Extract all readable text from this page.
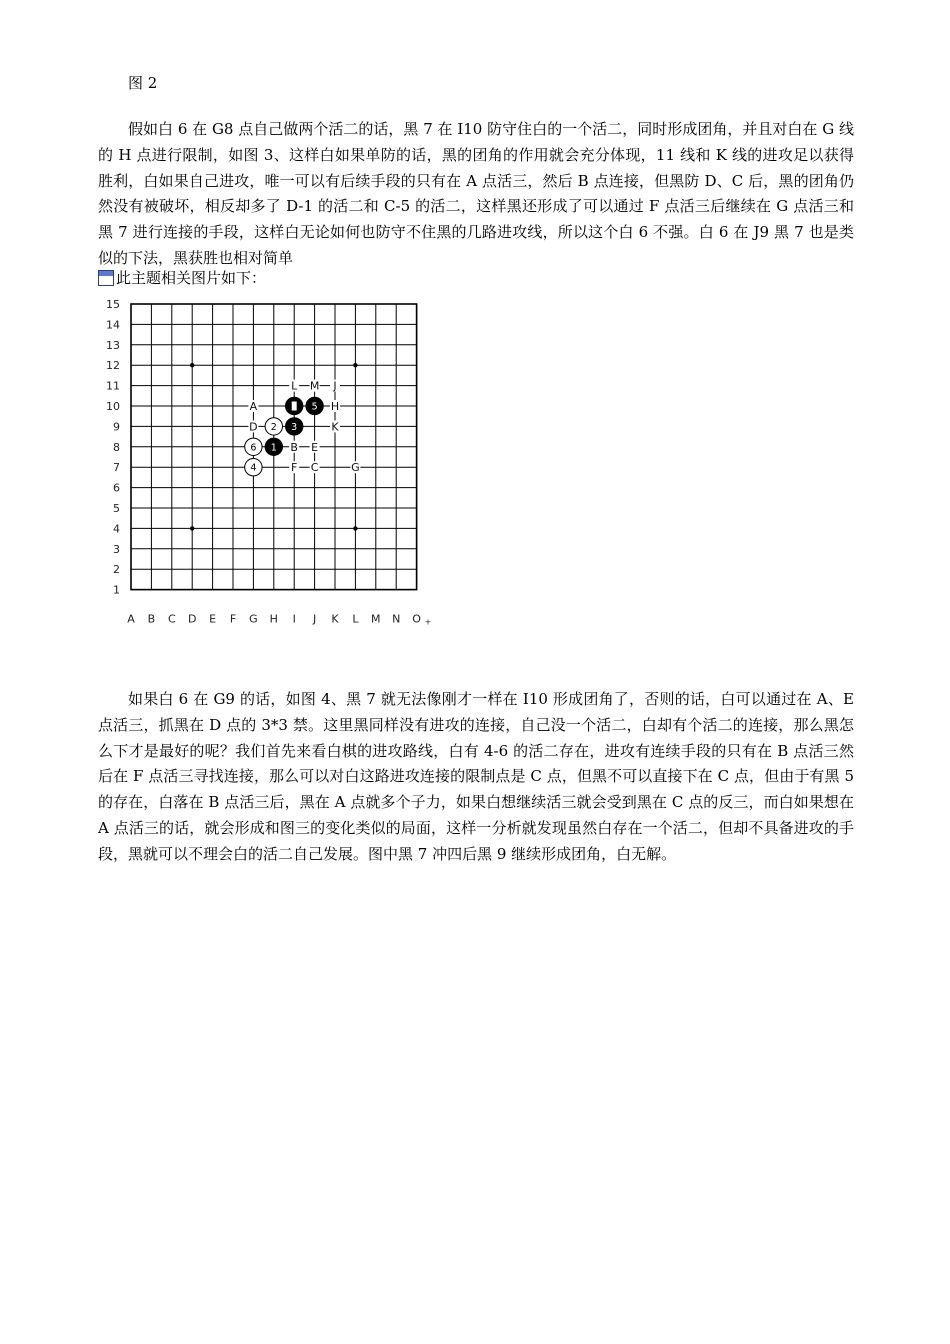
图 2

假如白 6 在 G8 点自己做两个活二的话，黑 7 在 I10 防守住白的一个活二，同时形成团角，并且对白在 G 线的 H 点进行限制，如图 3、这样白如果单防的话，黑的团角的作用就会充分体现，11 线和 K 线的进攻足以获得胜利，白如果自己进攻，唯一可以有后续手段的只有在 A 点活三，然后 B 点连接，但黑防 D、C 后，黑的团角仍然没有被破坏，相反却多了 D-1 的活二和 C-5 的活二，这样黑还形成了可以通过 F 点活三后继续在 G 点活三和黑 7 进行连接的手段，这样白无论如何也防守不住黑的几路进攻线，所以这个白 6 不强。白 6 在 J9 黑 7 也是类似的下法，黑获胜也相对简单

BMP 此主题相关图片如下：
15
14
13
12
11
10
9
8
7
6
5
4
3
2
1
A B C D E F G H I J K L M N O +
L M J
H
A
D	K
B E
F C	G
5
3
1
2
6
4

如果白 6 在 G9 的话，如图 4、黑 7 就无法像刚才一样在 I10 形成团角了，否则的话，白可以通过在 A、E 点活三，抓黑在 D 点的 3*3 禁。这里黑同样没有进攻的连接，自己没一个活二，白却有个活二的连接，那么黑怎么下才是最好的呢？我们首先来看白棋的进攻路线，白有 4-6 的活二存在，进攻有连续手段的只有在 B 点活三然后在 F 点活三寻找连接，那么可以对白这路进攻连接的限制点是 C 点，但黑不可以直接下在 C 点，但由于有黑 5 的存在，白落在 B 点活三后，黑在 A 点就多个子力，如果白想继续活三就会受到黑在 C 点的反三，而白如果想在 A 点活三的话，就会形成和图三的变化类似的局面，这样一分析就发现虽然白存在一个活二，但却不具备进攻的手段，黑就可以不理会白的活二自己发展。图中黑 7 冲四后黑 9 继续形成团角，白无解。
